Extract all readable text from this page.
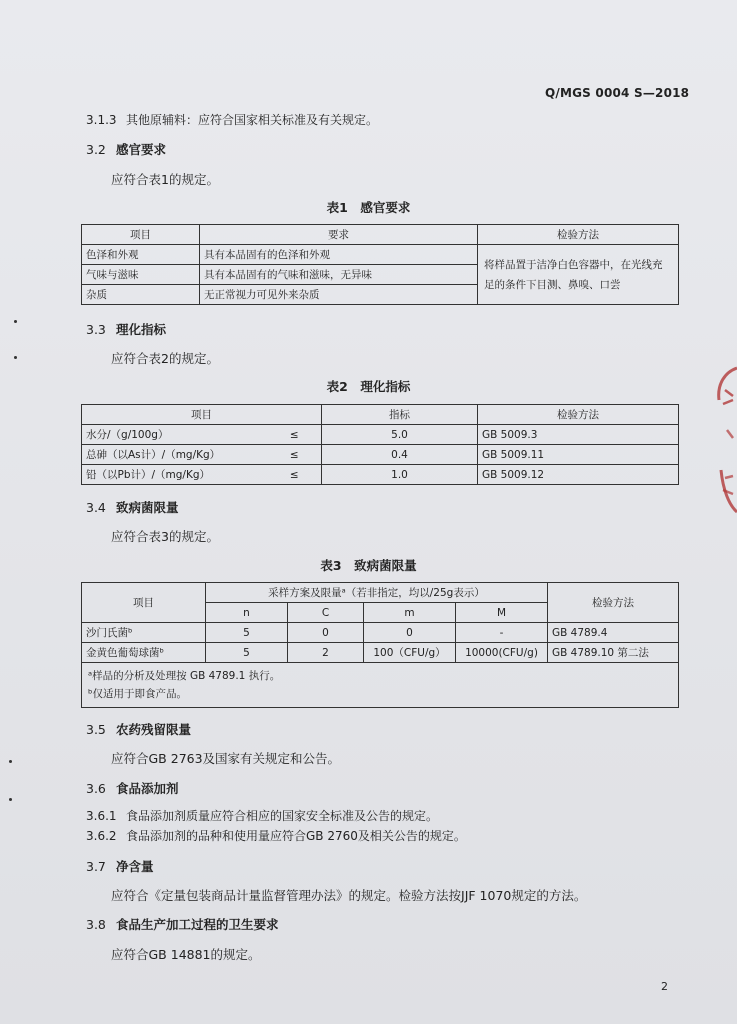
Q/MGS 0004 S—2018
3.1.3 其他原辅料：应符合国家相关标准及有关规定。
3.2 感官要求
应符合表1的规定。
表1　感官要求
项目	要求	检验方法
色泽和外观	具有本品固有的色泽和外观	将样品置于洁净白色容器中，在光线充足的条件下目测、鼻嗅、口尝
气味与滋味	具有本品固有的气味和滋味，无异味	
杂质	无正常视力可见外来杂质	
3.3 理化指标
应符合表2的规定。
表2　理化指标
项目		指标	检验方法
水分/（g/100g）	≤	5.0	GB 5009.3
总砷（以As计）/（mg/Kg）	≤	0.4	GB 5009.11
铅（以Pb计）/（mg/Kg）	≤	1.0	GB 5009.12
3.4 致病菌限量
应符合表3的规定。
表3　致病菌限量
项目	采样方案及限量ᵃ（若非指定，均以/25g表示）				检验方法
	n	C	m	M	
沙门氏菌ᵇ	5	0	0	-	GB 4789.4
金黄色葡萄球菌ᵇ	5	2	100（CFU/g）	10000(CFU/g)	GB 4789.10 第二法

ᵃ样品的分析及处理按 GB 4789.1 执行。
ᵇ仅适用于即食产品。					
3.5 农药残留限量
应符合GB 2763及国家有关规定和公告。
3.6 食品添加剂
3.6.1 食品添加剂质量应符合相应的国家安全标准及公告的规定。
3.6.2 食品添加剂的品种和使用量应符合GB 2760及相关公告的规定。
3.7 净含量
应符合《定量包装商品计量监督管理办法》的规定。检验方法按JJF 1070规定的方法。
3.8 食品生产加工过程的卫生要求
应符合GB 14881的规定。
2
